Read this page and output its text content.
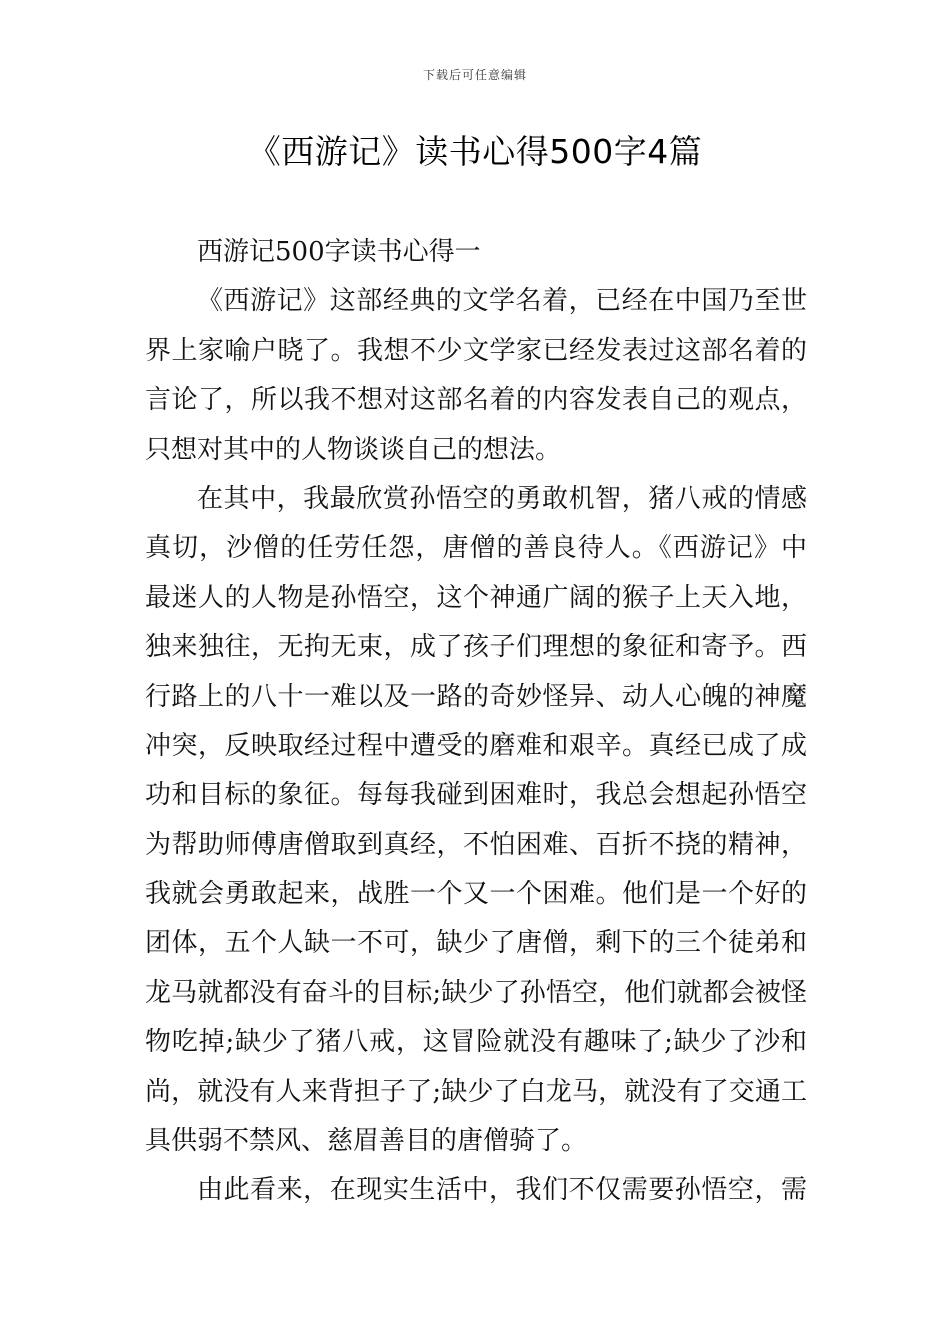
下载后可任意编辑
《西游记》读书心得500字4篇
西游记500字读书心得一
《西游记》这部经典的文学名着，已经在中国乃至世
界上家喻户晓了。我想不少文学家已经发表过这部名着的
言论了，所以我不想对这部名着的内容发表自己的观点，
只想对其中的人物谈谈自己的想法。
在其中，我最欣赏孙悟空的勇敢机智，猪八戒的情感
真切，沙僧的任劳任怨，唐僧的善良待人。《西游记》中
最迷人的人物是孙悟空，这个神通广阔的猴子上天入地，
独来独往，无拘无束，成了孩子们理想的象征和寄予。西
行路上的八十一难以及一路的奇妙怪异、动人心魄的神魔
冲突，反映取经过程中遭受的磨难和艰辛。真经已成了成
功和目标的象征。每每我碰到困难时，我总会想起孙悟空
为帮助师傅唐僧取到真经，不怕困难、百折不挠的精神，
我就会勇敢起来，战胜一个又一个困难。他们是一个好的
团体，五个人缺一不可，缺少了唐僧，剩下的三个徒弟和
龙马就都没有奋斗的目标;缺少了孙悟空，他们就都会被怪
物吃掉;缺少了猪八戒，这冒险就没有趣味了;缺少了沙和
尚，就没有人来背担子了;缺少了白龙马，就没有了交通工
具供弱不禁风、慈眉善目的唐僧骑了。
由此看来，在现实生活中，我们不仅需要孙悟空，需
